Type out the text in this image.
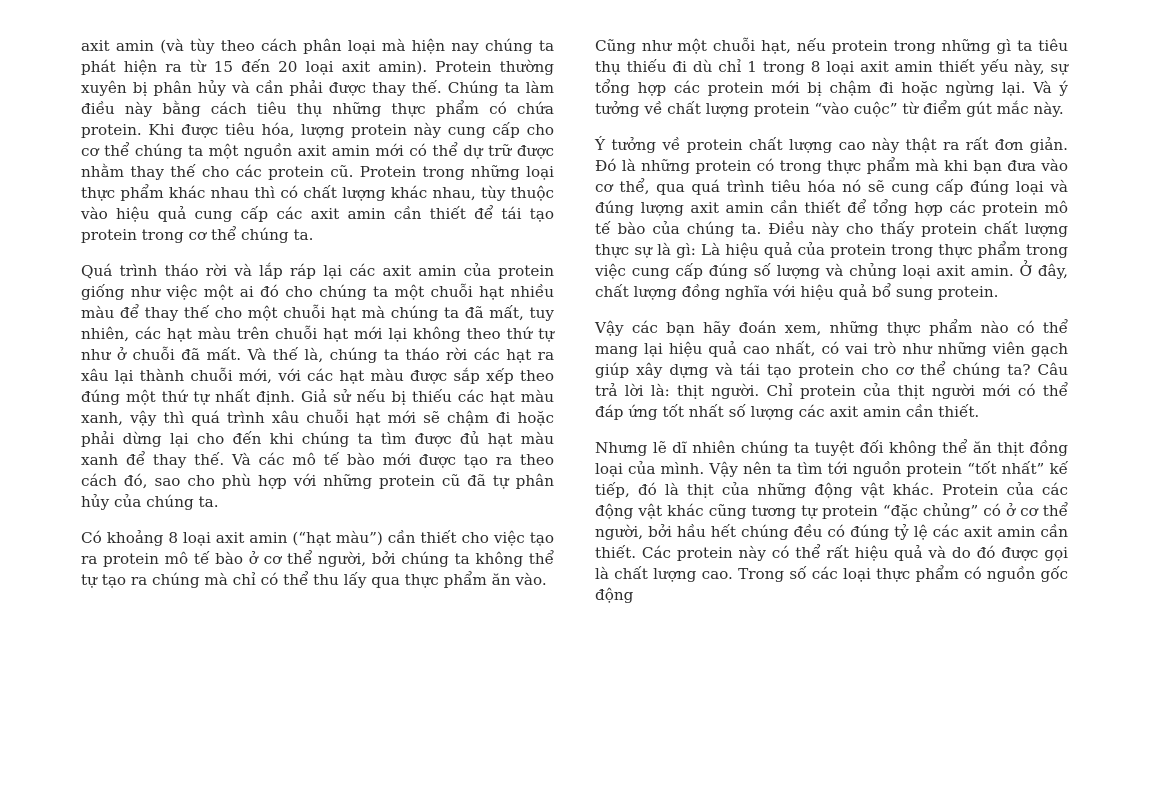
axit amin (và tùy theo cách phân loại mà hiện nay chúng ta phát hiện ra từ 15 đến 20 loại axit amin). Protein thường xuyên bị phân hủy và cần phải được thay thế. Chúng ta làm điều này bằng cách tiêu thụ những thực phẩm có chứa protein. Khi được tiêu hóa, lượng protein này cung cấp cho cơ thể chúng ta một nguồn axit amin mới có thể dự trữ được nhằm thay thế cho các protein cũ. Protein trong những loại thực phẩm khác nhau thì có chất lượng khác nhau, tùy thuộc vào hiệu quả cung cấp các axit amin cần thiết để tái tạo protein trong cơ thể chúng ta.

Quá trình tháo rời và lắp ráp lại các axit amin của protein giống như việc một ai đó cho chúng ta một chuỗi hạt nhiều màu để thay thế cho một chuỗi hạt mà chúng ta đã mất, tuy nhiên, các hạt màu trên chuỗi hạt mới lại không theo thứ tự như ở chuỗi đã mất. Và thế là, chúng ta tháo rời các hạt ra xâu lại thành chuỗi mới, với các hạt màu được sắp xếp theo đúng một thứ tự nhất định. Giả sử nếu bị thiếu các hạt màu xanh, vậy thì quá trình xâu chuỗi hạt mới sẽ chậm đi hoặc phải dừng lại cho đến khi chúng ta tìm được đủ hạt màu xanh để thay thế. Và các mô tế bào mới được tạo ra theo cách đó, sao cho phù hợp với những protein cũ đã tự phân hủy của chúng ta.

Có khoảng 8 loại axit amin (“hạt màu”) cần thiết cho việc tạo ra protein mô tế bào ở cơ thể người, bởi chúng ta không thể tự tạo ra chúng mà chỉ có thể thu lấy qua thực phẩm ăn vào.

Cũng như một chuỗi hạt, nếu protein trong những gì ta tiêu thụ thiếu đi dù chỉ 1 trong 8 loại axit amin thiết yếu này, sự tổng hợp các protein mới bị chậm đi hoặc ngừng lại. Và ý tưởng về chất lượng protein “vào cuộc” từ điểm gút mắc này.

Ý tưởng về protein chất lượng cao này thật ra rất đơn giản. Đó là những protein có trong thực phẩm mà khi bạn đưa vào cơ thể, qua quá trình tiêu hóa nó sẽ cung cấp đúng loại và đúng lượng axit amin cần thiết để tổng hợp các protein mô tế bào của chúng ta. Điều này cho thấy protein chất lượng thực sự là gì: Là hiệu quả của protein trong thực phẩm trong việc cung cấp đúng số lượng và chủng loại axit amin. Ở đây, chất lượng đồng nghĩa với hiệu quả bổ sung protein.

Vậy các bạn hãy đoán xem, những thực phẩm nào có thể mang lại hiệu quả cao nhất, có vai trò như những viên gạch giúp xây dựng và tái tạo protein cho cơ thể chúng ta? Câu trả lời là: thịt người. Chỉ protein của thịt người mới có thể đáp ứng tốt nhất số lượng các axit amin cần thiết.

Nhưng lẽ dĩ nhiên chúng ta tuyệt đối không thể ăn thịt đồng loại của mình. Vậy nên ta tìm tới nguồn protein “tốt nhất” kế tiếp, đó là thịt của những động vật khác. Protein của các động vật khác cũng tương tự protein “đặc chủng” có ở cơ thể người, bởi hầu hết chúng đều có đúng tỷ lệ các axit amin cần thiết. Các protein này có thể rất hiệu quả và do đó được gọi là chất lượng cao. Trong số các loại thực phẩm có nguồn gốc động
